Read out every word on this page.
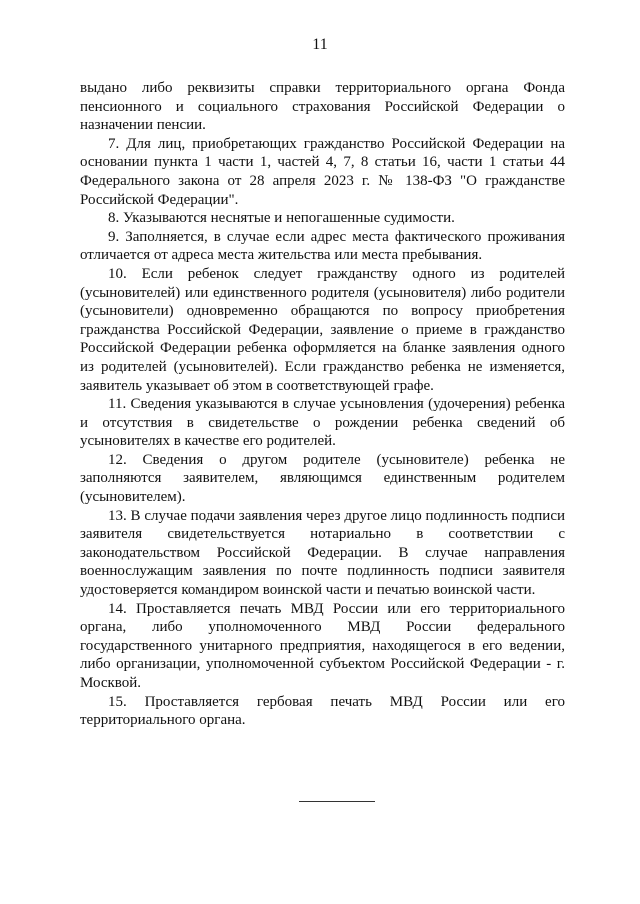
11

выдано либо реквизиты справки территориального органа Фонда пенсионного и социального страхования Российской Федерации о назначении пенсии.

7. Для лиц, приобретающих гражданство Российской Федерации на основании пункта 1 части 1, частей 4, 7, 8 статьи 16, части 1 статьи 44 Федерального закона от 28 апреля 2023 г. № 138-ФЗ "О гражданстве Российской Федерации".

8. Указываются неснятые и непогашенные судимости.

9. Заполняется, в случае если адрес места фактического проживания отличается от адреса места жительства или места пребывания.

10. Если ребенок следует гражданству одного из родителей (усыновителей) или единственного родителя (усыновителя) либо родители (усыновители) одновременно обращаются по вопросу приобретения гражданства Российской Федерации, заявление о приеме в гражданство Российской Федерации ребенка оформляется на бланке заявления одного из родителей (усыновителей). Если гражданство ребенка не изменяется, заявитель указывает об этом в соответствующей графе.

11. Сведения указываются в случае усыновления (удочерения) ребенка и отсутствия в свидетельстве о рождении ребенка сведений об усыновителях в качестве его родителей.

12. Сведения о другом родителе (усыновителе) ребенка не заполняются заявителем, являющимся единственным родителем (усыновителем).

13. В случае подачи заявления через другое лицо подлинность подписи заявителя свидетельствуется нотариально в соответствии с законодательством Российской Федерации. В случае направления военнослужащим заявления по почте подлинность подписи заявителя удостоверяется командиром воинской части и печатью воинской части.

14. Проставляется печать МВД России или его территориального органа, либо уполномоченного МВД России федерального государственного унитарного предприятия, находящегося в его ведении, либо организации, уполномоченной субъектом Российской Федерации - г. Москвой.

15. Проставляется гербовая печать МВД России или его территориального органа.
